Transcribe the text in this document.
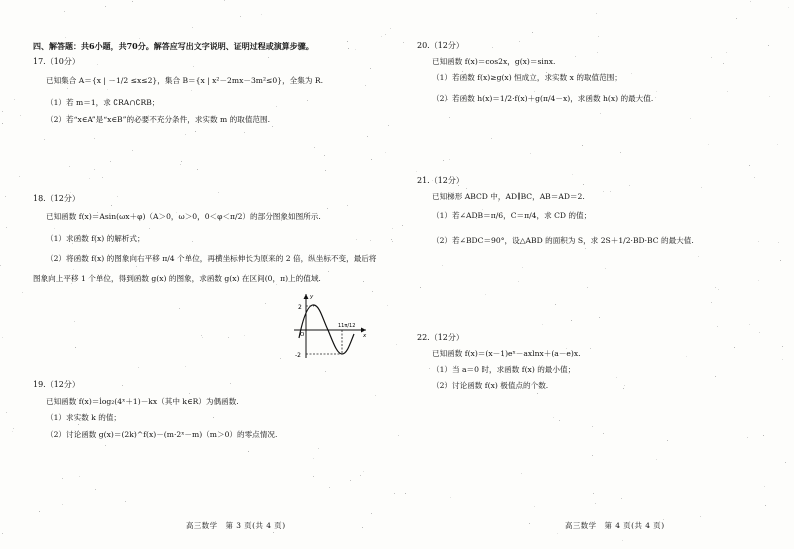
四、解答题：共6小题，共70分。解答应写出文字说明、证明过程或演算步骤。
17.（10分）
已知集合 A＝{x | －1/2 ≤x≤2}，集合 B＝{x | x²－2mx－3m²≤0}，全集为 R.
（1）若 m＝1，求 ∁RA∩∁RB；
（2）若“x∈A”是“x∈B”的必要不充分条件，求实数 m 的取值范围.
18.（12分）
已知函数 f(x)＝Asin(ωx＋φ)（A＞0，ω＞0，0＜φ＜π/2）的部分图象如图所示.
（1）求函数 f(x) 的解析式；
（2）将函数 f(x) 的图象向右平移 π/4 个单位，再横坐标伸长为原来的 2 倍，纵坐标不变，最后将
图象向上平移 1 个单位，得到函数 g(x) 的图象，求函数 g(x) 在区间(0，π)上的值域.
2
-2
O
y
x
11π/12
19.（12分）
已知函数 f(x)＝log₂(4ˣ＋1)－kx（其中 k∈R）为偶函数.
（1）求实数 k 的值；
（2）讨论函数 g(x)＝(2k)^f(x)－(m·2ˣ－m)（m＞0）的零点情况.
高三数学　第 3 页(共 4 页)
20.（12分）
已知函数 f(x)＝cos2x，g(x)＝sinx.
（1）若函数 f(x)≥g(x) 恒成立，求实数 x 的取值范围；
（2）若函数 h(x)＝1/2·f(x)＋g(π/4－x)，求函数 h(x) 的最大值.
21.（12分）
已知梯形 ABCD 中，AD∥BC，AB＝AD＝2.
（1）若∠ADB＝π/6，C＝π/4，求 CD 的值；
（2）若∠BDC＝90°，设△ABD 的面积为 S，求 2S＋1/2·BD·BC 的最大值.
22.（12分）
已知函数 f(x)＝(x－1)eˣ－axlnx＋(a－e)x.
（1）当 a＝0 时，求函数 f(x) 的最小值；
（2）讨论函数 f(x) 极值点的个数.
高三数学　第 4 页(共 4 页)
